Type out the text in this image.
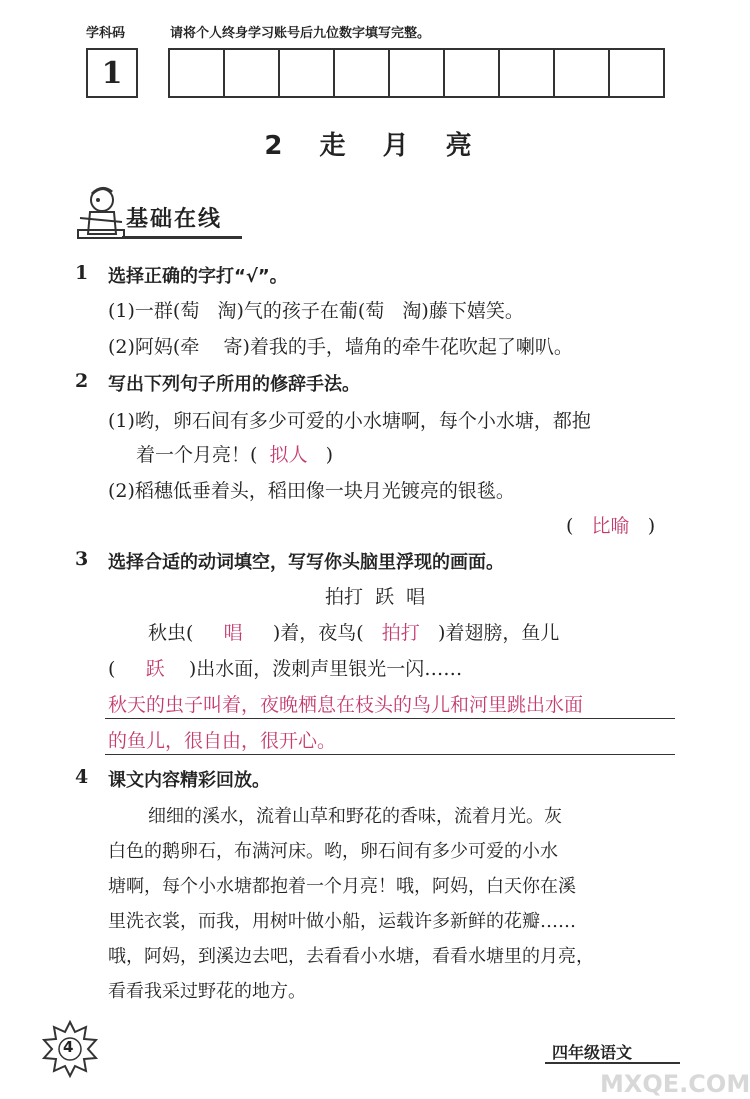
学科码	请将个人终身学习账号后九位数字填写完整。
1
2 走 月 亮
基础在线
1 选择正确的字打“√”。
(1)一群(萄 淘)气的孩子在葡(萄 淘)藤下嬉笑。
(2)阿妈(牵 寄)着我的手，墙角的牵牛花吹起了喇叭。
2 写出下列句子所用的修辞手法。
(1)哟，卵石间有多少可爱的小水塘啊，每个小水塘，都抱
着一个月亮！( 拟人 )
(2)稻穗低垂着头，稻田像一块月光镀亮的银毯。
( 比喻 )
3 选择合适的动词填空，写写你头脑里浮现的画面。
拍打  跃  唱
秋虫( 唱 )着，夜鸟( 拍打 )着翅膀，鱼儿
( 跃 )出水面，泼刺声里银光一闪……
秋天的虫子叫着，夜晚栖息在枝头的鸟儿和河里跳出水面
的鱼儿，很自由，很开心。
4 课文内容精彩回放。
细细的溪水，流着山草和野花的香味，流着月光。灰
白色的鹅卵石，布满河床。哟，卵石间有多少可爱的小水
塘啊，每个小水塘都抱着一个月亮！哦，阿妈，白天你在溪
里洗衣裳，而我，用树叶做小船，运载许多新鲜的花瓣……
哦，阿妈，到溪边去吧，去看看小水塘，看看水塘里的月亮，
看看我采过野花的地方。
4	四年级语文
MXQE.COM
